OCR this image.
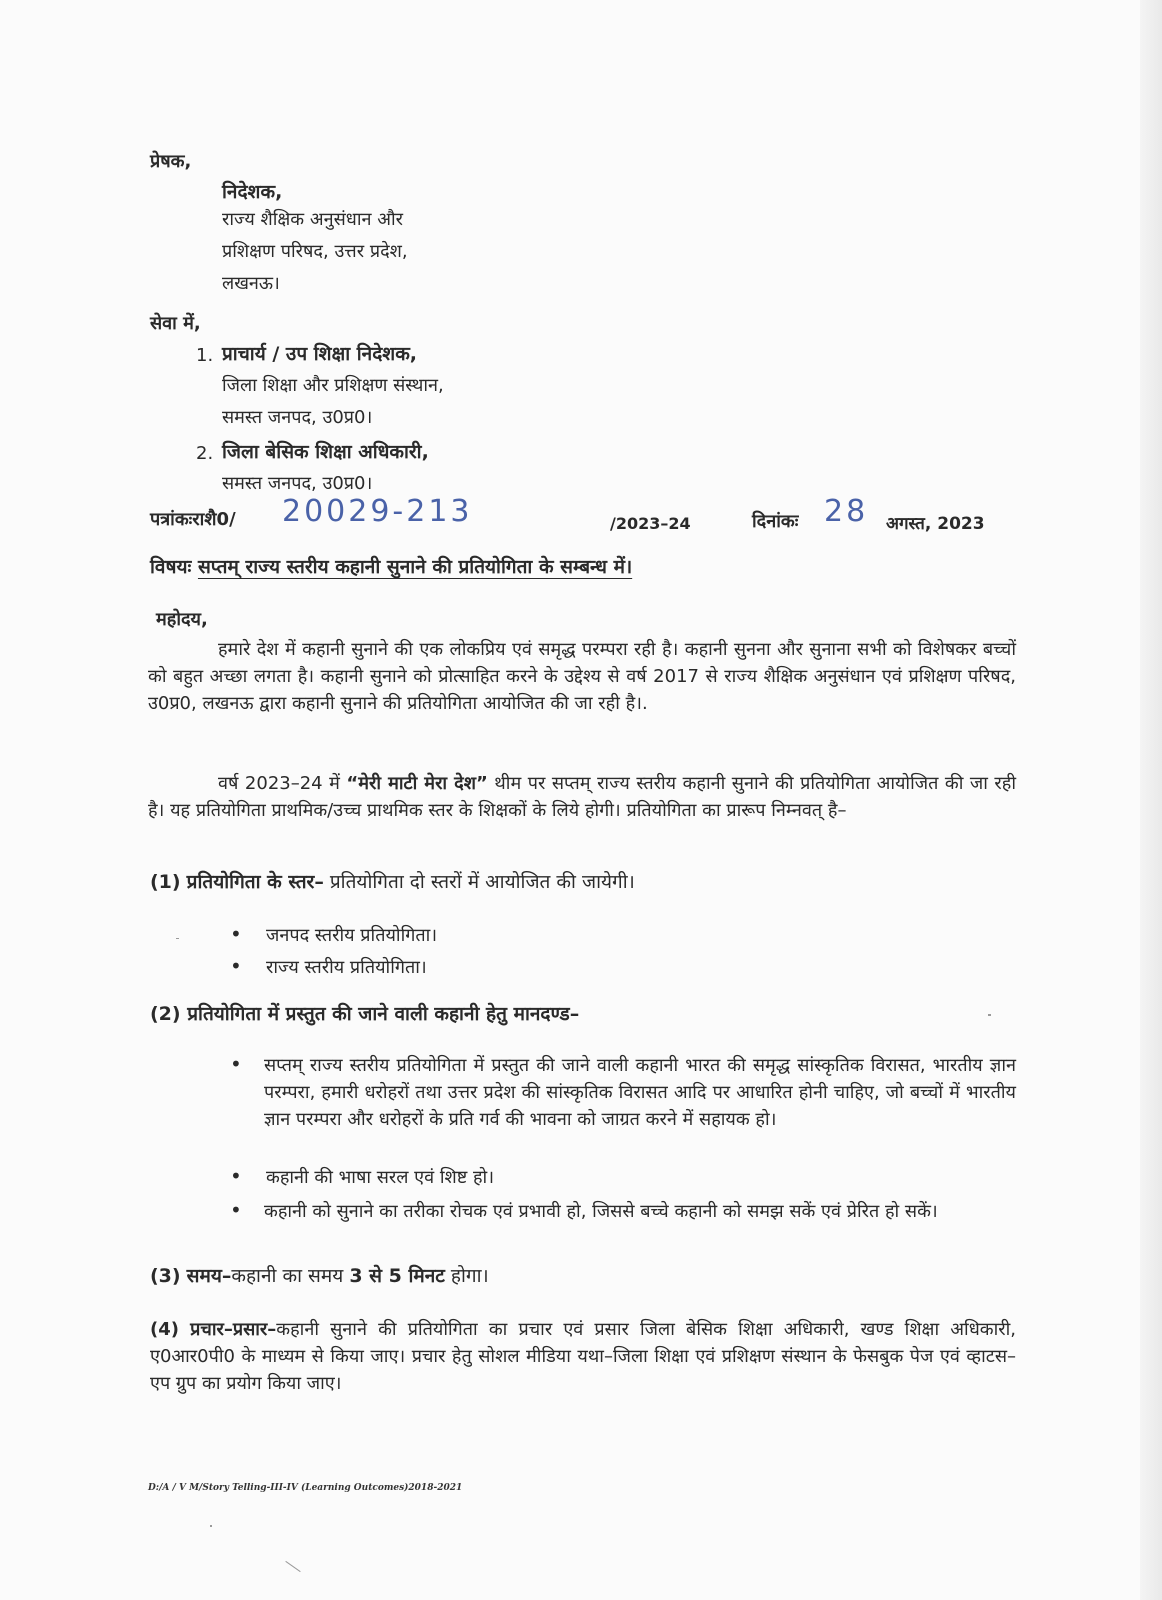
प्रेषक,
निदेशक,
राज्य शैक्षिक अनुसंधान और
प्रशिक्षण परिषद, उत्तर प्रदेश,
लखनऊ।
सेवा में,
1. प्राचार्य / उप शिक्षा निदेशक,
जिला शिक्षा और प्रशिक्षण संस्थान,
समस्त जनपद, उ0प्र0।
2. जिला बेसिक शिक्षा अधिकारी,
समस्त जनपद, उ0प्र0।
पत्रांकःराशै0/ 20029-213	/2023–24	दिनांकः 28 अगस्त, 2023
विषयः सप्तम् राज्य स्तरीय कहानी सुनाने की प्रतियोगिता के सम्बन्ध में।
महोदय,
हमारे देश में कहानी सुनाने की एक लोकप्रिय एवं समृद्ध परम्परा रही है। कहानी सुनना और सुनाना सभी को विशेषकर बच्चों को बहुत अच्छा लगता है। कहानी सुनाने को प्रोत्साहित करने के उद्देश्य से वर्ष 2017 से राज्य शैक्षिक अनुसंधान एवं प्रशिक्षण परिषद, उ0प्र0, लखनऊ द्वारा कहानी सुनाने की प्रतियोगिता आयोजित की जा रही है।.
वर्ष 2023–24 में “मेरी माटी मेरा देश” थीम पर सप्तम् राज्य स्तरीय कहानी सुनाने की प्रतियोगिता आयोजित की जा रही है। यह प्रतियोगिता प्राथमिक/उच्च प्राथमिक स्तर के शिक्षकों के लिये होगी। प्रतियोगिता का प्रारूप निम्नवत् है–
(1) प्रतियोगिता के स्तर– प्रतियोगिता दो स्तरों में आयोजित की जायेगी।
• जनपद स्तरीय प्रतियोगिता।
• राज्य स्तरीय प्रतियोगिता।
(2) प्रतियोगिता में प्रस्तुत की जाने वाली कहानी हेतु मानदण्ड–
• सप्तम् राज्य स्तरीय प्रतियोगिता में प्रस्तुत की जाने वाली कहानी भारत की समृद्ध सांस्कृतिक विरासत, भारतीय ज्ञान परम्परा, हमारी धरोहरों तथा उत्तर प्रदेश की सांस्कृतिक विरासत आदि पर आधारित होनी चाहिए, जो बच्चों में भारतीय ज्ञान परम्परा और धरोहरों के प्रति गर्व की भावना को जाग्रत करने में सहायक हो।
• कहानी की भाषा सरल एवं शिष्ट हो।
• कहानी को सुनाने का तरीका रोचक एवं प्रभावी हो, जिससे बच्चे कहानी को समझ सकें एवं प्रेरित हो सकें।
(3) समय–कहानी का समय 3 से 5 मिनट होगा।
(4) प्रचार–प्रसार–कहानी सुनाने की प्रतियोगिता का प्रचार एवं प्रसार जिला बेसिक शिक्षा अधिकारी, खण्ड शिक्षा अधिकारी, ए0आर0पी0 के माध्यम से किया जाए। प्रचार हेतु सोशल मीडिया यथा–जिला शिक्षा एवं प्रशिक्षण संस्थान के फेसबुक पेज एवं व्हाटस–एप ग्रुप का प्रयोग किया जाए।
D:/A / V M/Story Telling-III-IV (Learning Outcomes)2018-2021
